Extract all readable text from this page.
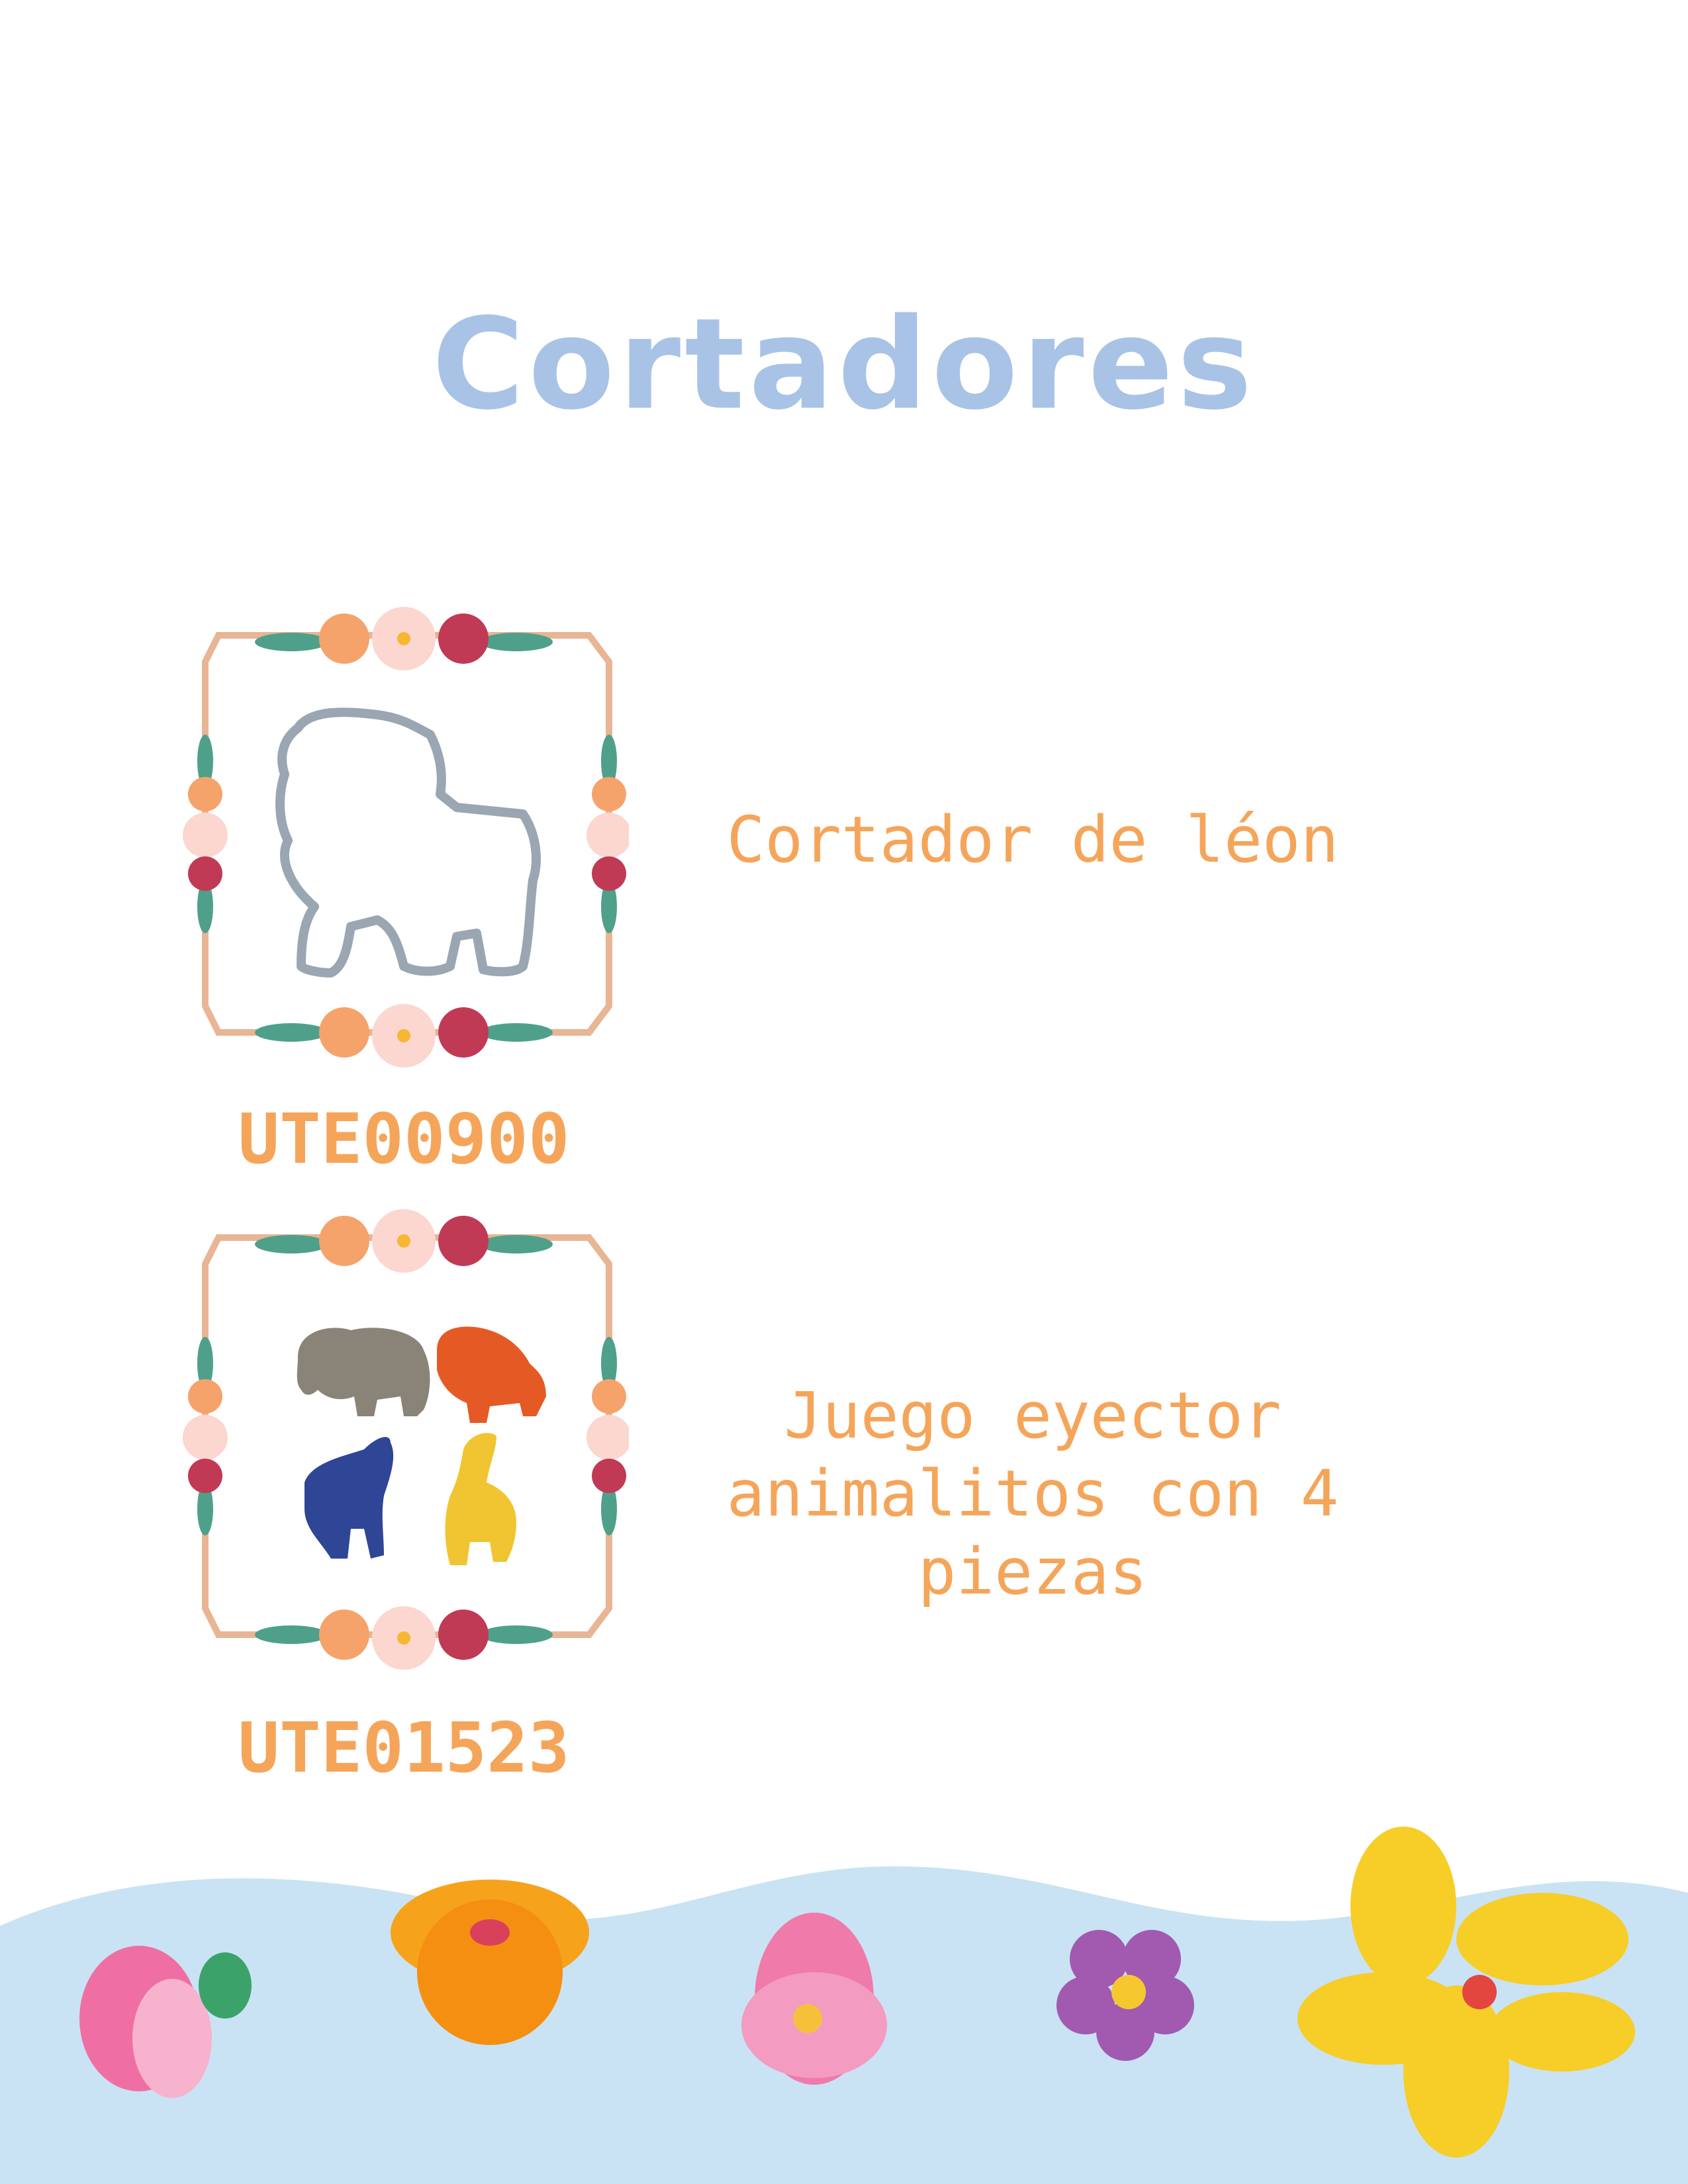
Cortadores
UTE00900
Cortador de léon
UTE01523
Juego eyector
animalitos con 4 piezas
